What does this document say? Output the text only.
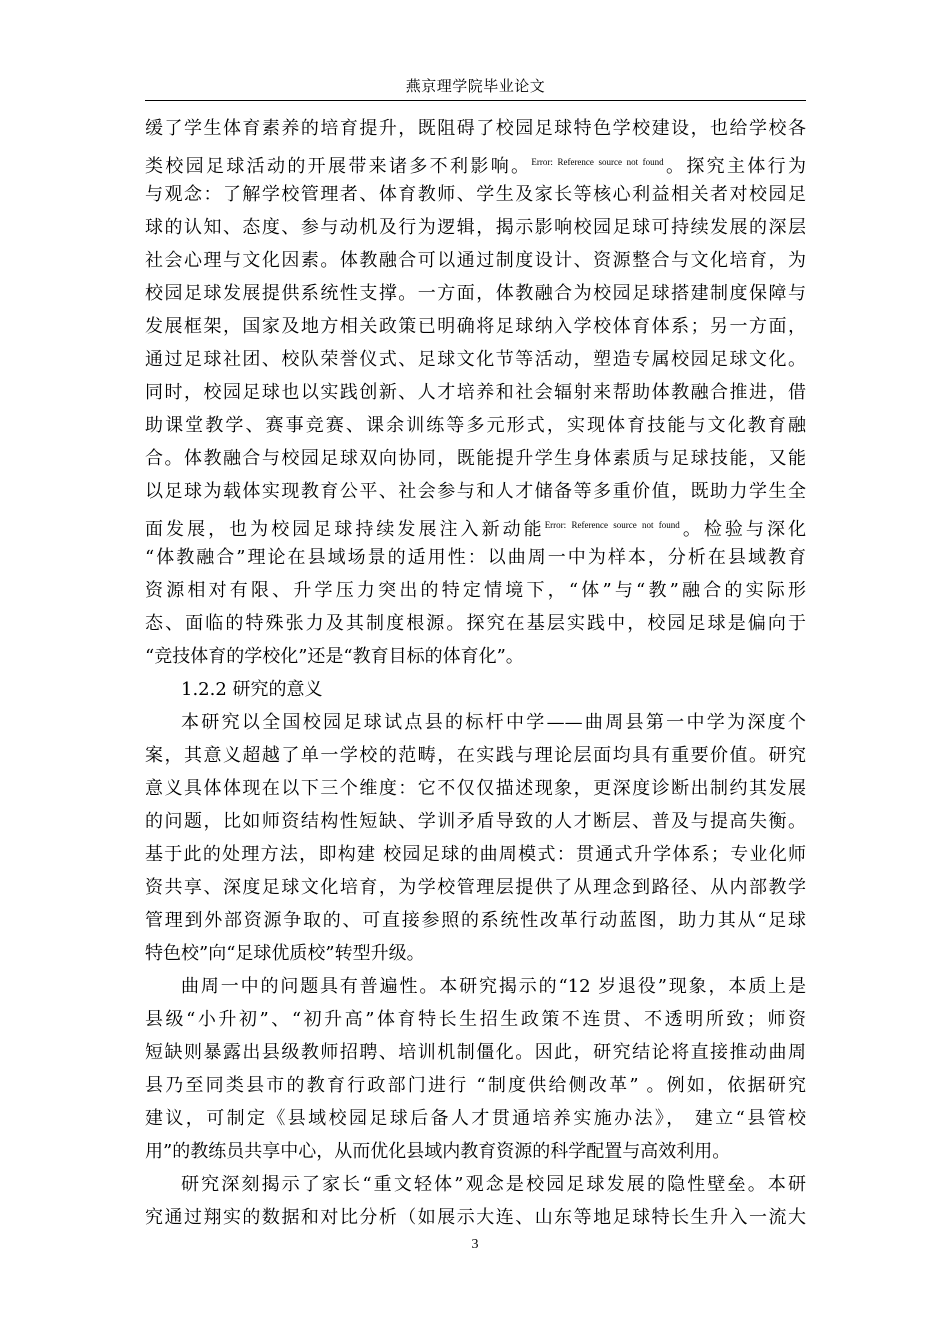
燕京理学院毕业论文
缓了学生体育素养的培育提升，既阻碍了校园足球特色学校建设，也给学校各
类校园足球活动的开展带来诸多不利影响。$^{Error: Reference source not found}$。探究主体行为
与观念：了解学校管理者、体育教师、学生及家长等核心利益相关者对校园足
球的认知、态度、参与动机及行为逻辑，揭示影响校园足球可持续发展的深层
社会心理与文化因素。体教融合可以通过制度设计、资源整合与文化培育，为
校园足球发展提供系统性支撑。一方面，体教融合为校园足球搭建制度保障与
发展框架，国家及地方相关政策已明确将足球纳入学校体育体系；另一方面，
通过足球社团、校队荣誉仪式、足球文化节等活动，塑造专属校园足球文化。
同时，校园足球也以实践创新、人才培养和社会辐射来帮助体教融合推进，借
助课堂教学、赛事竞赛、课余训练等多元形式，实现体育技能与文化教育融
合。体教融合与校园足球双向协同，既能提升学生身体素质与足球技能，又能
以足球为载体实现教育公平、社会参与和人才储备等多重价值，既助力学生全
面发展，也为校园足球持续发展注入新动能$^{Error: Reference source not found}$。检验与深化
“体教融合”理论在县域场景的适用性：以曲周一中为样本，分析在县域教育
资源相对有限、升学压力突出的特定情境下，“体”与“教”融合的实际形
态、面临的特殊张力及其制度根源。探究在基层实践中，校园足球是偏向于
“竞技体育的学校化”还是“教育目标的体育化”。
1.2.2 研究的意义
本研究以全国校园足球试点县的标杆中学——曲周县第一中学为深度个
案，其意义超越了单一学校的范畴，在实践与理论层面均具有重要价值。研究
意义具体体现在以下三个维度：它不仅仅描述现象，更深度诊断出制约其发展
的问题，比如师资结构性短缺、学训矛盾导致的人才断层、普及与提高失衡。
基于此的处理方法，即构建 校园足球的曲周模式：贯通式升学体系；专业化师
资共享、深度足球文化培育，为学校管理层提供了从理念到路径、从内部教学
管理到外部资源争取的、可直接参照的系统性改革行动蓝图，助力其从“足球
特色校”向“足球优质校”转型升级。
曲周一中的问题具有普遍性。本研究揭示的“12 岁退役”现象，本质上是
县级“小升初”、“初升高”体育特长生招生政策不连贯、不透明所致；师资
短缺则暴露出县级教师招聘、培训机制僵化。因此，研究结论将直接推动曲周
县乃至同类县市的教育行政部门进行 “制度供给侧改革” 。例如，依据研究
建议，可制定《县域校园足球后备人才贯通培养实施办法》， 建立“县管校
用”的教练员共享中心，从而优化县域内教育资源的科学配置与高效利用。
研究深刻揭示了家长“重文轻体”观念是校园足球发展的隐性壁垒。本研
究通过翔实的数据和对比分析（如展示大连、山东等地足球特长生升入一流大
3
